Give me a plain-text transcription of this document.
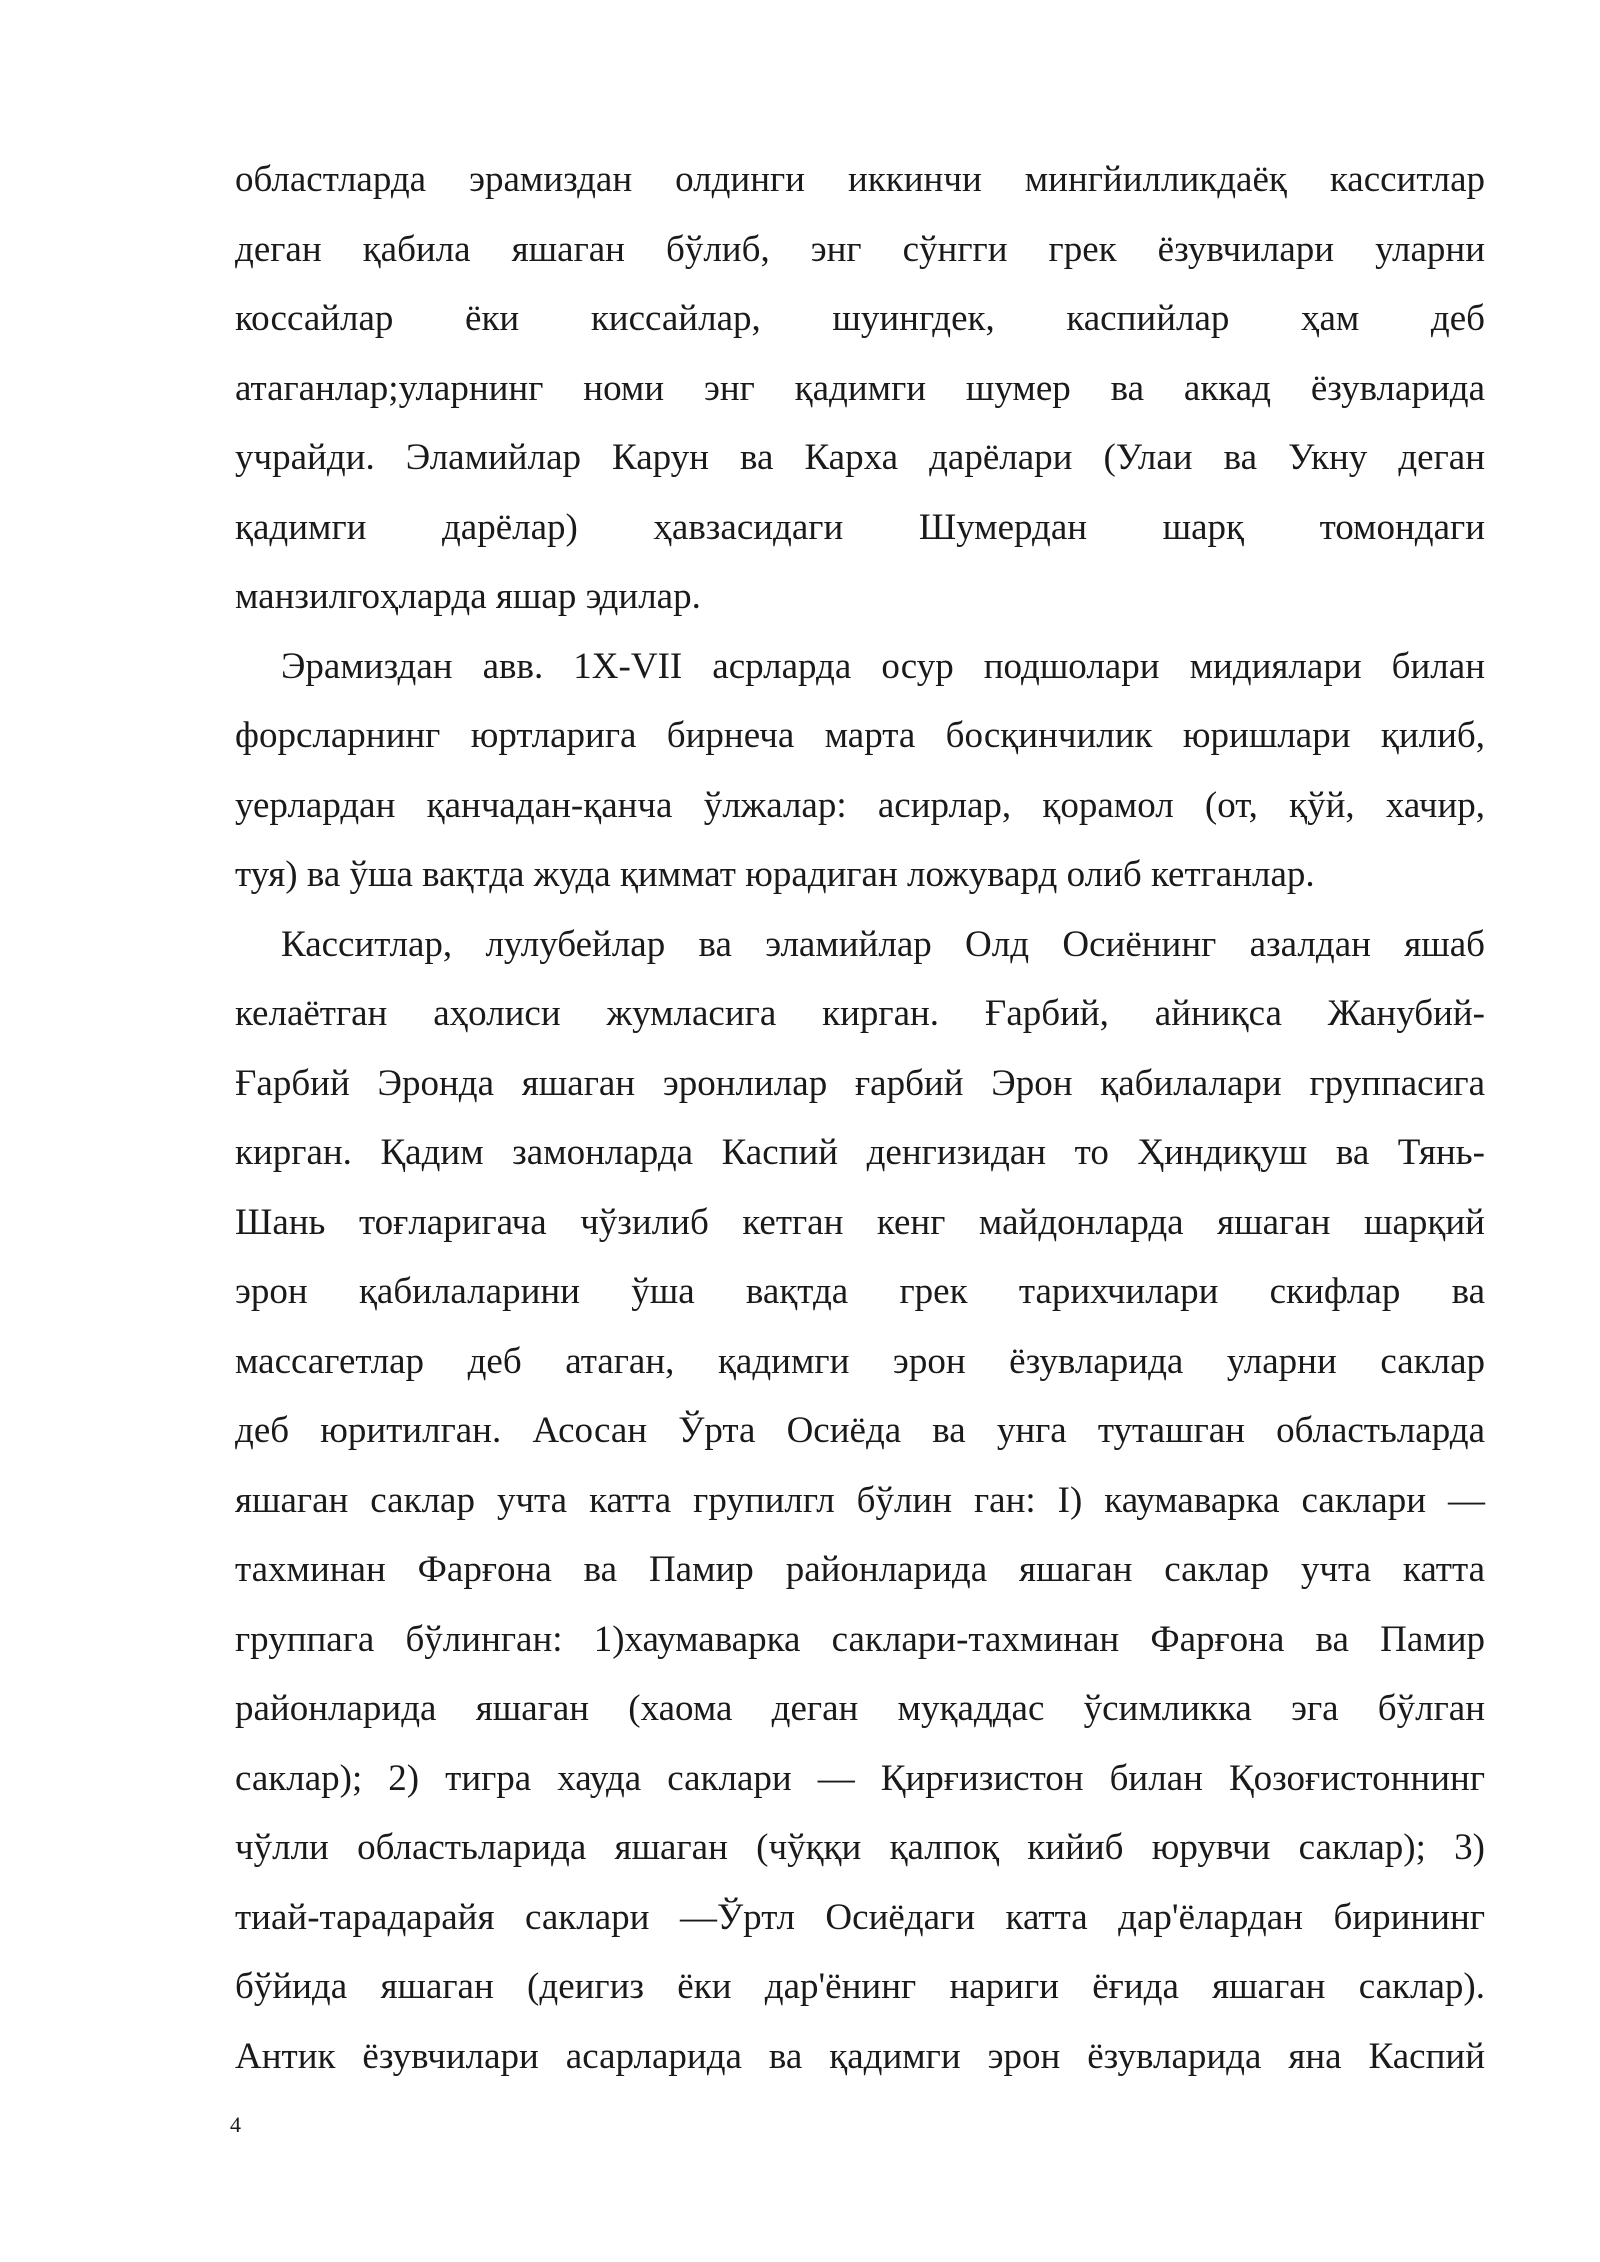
областларда эрамиздан олдинги иккинчи мингйилликдаёқ касситлар
деган қабила яшаган бўлиб, энг сўнгги грек ёзувчилари уларни
коссайлар ёки киссайлар, шуингдек, каспийлар ҳам деб
атаганлар;уларнинг номи энг қадимги шумер ва аккад ёзувларида
учрайди. Эламийлар Карун ва Карха дарёлари (Улаи ва Укну деган
қадимги дарёлар) ҳавзасидаги Шумердан шарқ томондаги
манзилгоҳларда яшар эдилар.
Эрамиздан авв. 1Х-VII асрларда осур подшолари мидиялари билан
форсларнинг юртларига бирнеча марта босқинчилик юришлари қилиб,
уерлардан қанчадан-қанча ўлжалар: асирлар, қорамол (от, қўй, хачир,
туя) ва ўша вақтда жуда қиммат юрадиган ложувард олиб кетганлар.
Касситлар, лулубейлар ва эламийлар Олд Осиёнинг азалдан яшаб
келаётган аҳолиси жумласига кирган. Ғарбий, айниқса Жанубий-
Ғарбий Эронда яшаган эронлилар ғарбий Эрон қабилалари группасига
кирган. Қадим замонларда Каспий денгизидан то Ҳиндиқуш ва Тянь-
Шань тоғларигача чўзилиб кетган кенг майдонларда яшаган шарқий
эрон қабилаларини ўша вақтда грек тарихчилари скифлар ва
массагетлар деб атаган, қадимги эрон ёзувларида уларни саклар
деб юритилган. Асосан Ўрта Осиёда ва унга туташган областьларда
яшаган саклар учта катта групилгл бўлин ган: I) каумаварка саклари —
тахминан Фарғона ва Памир районларида яшаган саклар учта катта
группага бўлинган: 1)хаумаварка саклари-тахминан Фарғона ва Памир
районларида яшаган (хаома деган муқаддас ўсимликка эга бўлган
саклар); 2) тигра хауда саклари — Қирғизистон билан Қозоғистоннинг
чўлли областьларида яшаган (чўққи қалпоқ кийиб юрувчи саклар); 3)
тиай-тарадарайя саклари —Ўртл Осиёдаги катта дар'ёлардан бирининг
бўйида яшаган (деигиз ёки дар'ёнинг нариги ёғида яшаган саклар).
Антик ёзувчилари асарларида ва қадимги эрон ёзувларида яна Каспий
4
